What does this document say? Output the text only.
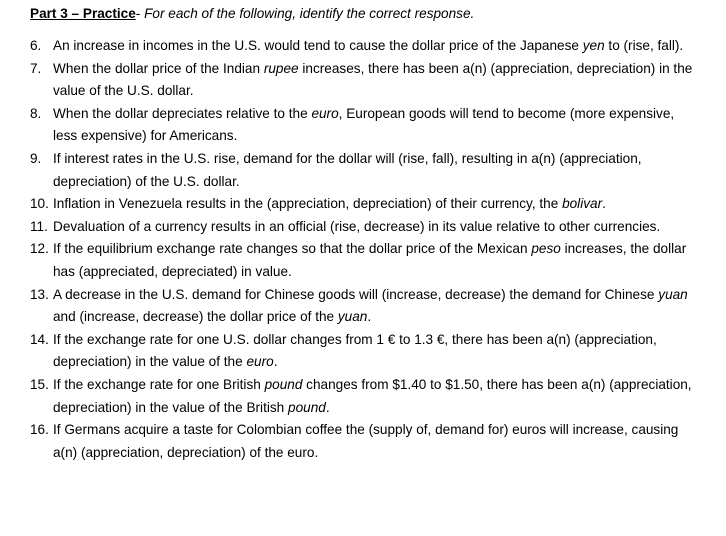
Part 3 – Practice- For each of the following, identify the correct response.
6. An increase in incomes in the U.S. would tend to cause the dollar price of the Japanese yen to (rise, fall).
7. When the dollar price of the Indian rupee increases, there has been a(n) (appreciation, depreciation) in the value of the U.S. dollar.
8. When the dollar depreciates relative to the euro, European goods will tend to become (more expensive, less expensive) for Americans.
9. If interest rates in the U.S. rise, demand for the dollar will (rise, fall), resulting in a(n) (appreciation, depreciation) of the U.S. dollar.
10. Inflation in Venezuela results in the (appreciation, depreciation) of their currency, the bolivar.
11. Devaluation of a currency results in an official (rise, decrease) in its value relative to other currencies.
12. If the equilibrium exchange rate changes so that the dollar price of the Mexican peso increases, the dollar has (appreciated, depreciated) in value.
13. A decrease in the U.S. demand for Chinese goods will (increase, decrease) the demand for Chinese yuan and (increase, decrease) the dollar price of the yuan.
14. If the exchange rate for one U.S. dollar changes from 1 € to 1.3 €, there has been a(n) (appreciation, depreciation) in the value of the euro.
15. If the exchange rate for one British pound changes from $1.40 to $1.50, there has been a(n) (appreciation, depreciation) in the value of the British pound.
16. If Germans acquire a taste for Colombian coffee the (supply of, demand for) euros will increase, causing a(n) (appreciation, depreciation) of the euro.
